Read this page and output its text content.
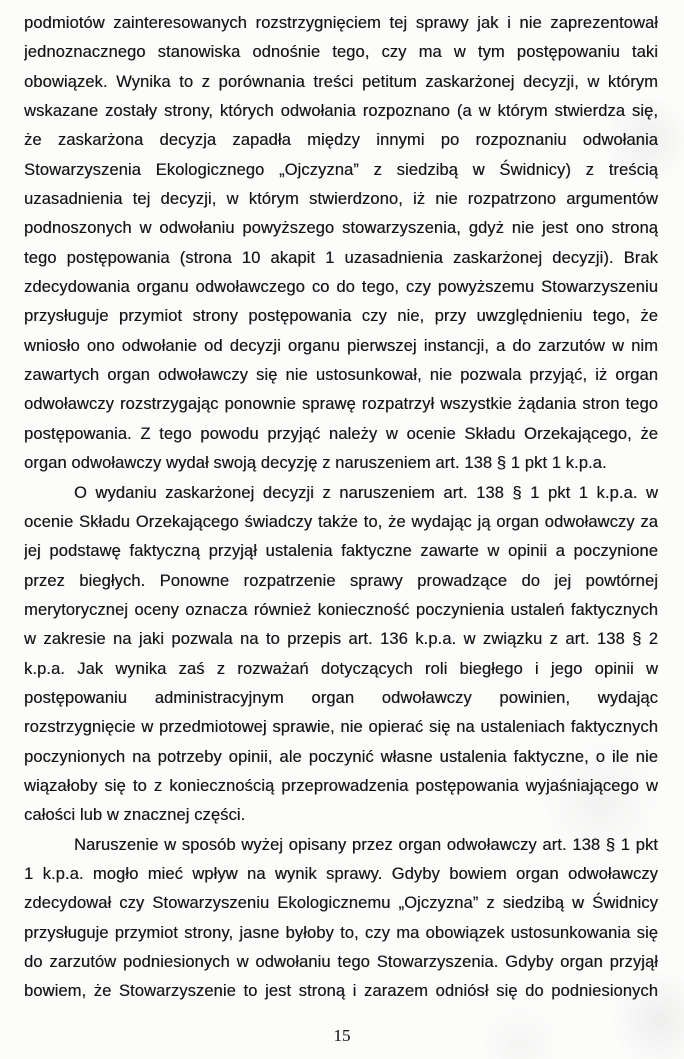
podmiotów zainteresowanych rozstrzygnięciem tej sprawy jak i nie zaprezentował
jednoznacznego stanowiska odnośnie tego, czy ma w tym postępowaniu taki
obowiązek. Wynika to z porównania treści petitum zaskarżonej decyzji, w którym
wskazane zostały strony, których odwołania rozpoznano (a w którym stwierdza się,
że zaskarżona decyzja zapadła między innymi po rozpoznaniu odwołania
Stowarzyszenia Ekologicznego „Ojczyzna” z siedzibą w Świdnicy) z treścią
uzasadnienia tej decyzji, w którym stwierdzono, iż nie rozpatrzono argumentów
podnoszonych w odwołaniu powyższego stowarzyszenia, gdyż nie jest ono stroną
tego postępowania (strona 10 akapit 1 uzasadnienia zaskarżonej decyzji). Brak
zdecydowania organu odwoławczego co do tego, czy powyższemu Stowarzyszeniu
przysługuje przymiot strony postępowania czy nie, przy uwzględnieniu tego, że
wniosło ono odwołanie od decyzji organu pierwszej instancji, a do zarzutów w nim
zawartych organ odwoławczy się nie ustosunkował, nie pozwala przyjąć, iż organ
odwoławczy rozstrzygając ponownie sprawę rozpatrzył wszystkie żądania stron tego
postępowania. Z tego powodu przyjąć należy w ocenie Składu Orzekającego, że
organ odwoławczy wydał swoją decyzję z naruszeniem art. 138 § 1 pkt 1 k.p.a.
O wydaniu zaskarżonej decyzji z naruszeniem art. 138 § 1 pkt 1 k.p.a. w
ocenie Składu Orzekającego świadczy także to, że wydając ją organ odwoławczy za
jej podstawę faktyczną przyjął ustalenia faktyczne zawarte w opinii a poczynione
przez biegłych. Ponowne rozpatrzenie sprawy prowadzące do jej powtórnej
merytorycznej oceny oznacza również konieczność poczynienia ustaleń faktycznych
w zakresie na jaki pozwala na to przepis art. 136 k.p.a. w związku z art. 138 § 2
k.p.a. Jak wynika zaś z rozważań dotyczących roli biegłego i jego opinii w
postępowaniu administracyjnym organ odwoławczy powinien, wydając
rozstrzygnięcie w przedmiotowej sprawie, nie opierać się na ustaleniach faktycznych
poczynionych na potrzeby opinii, ale poczynić własne ustalenia faktyczne, o ile nie
wiązałoby się to z koniecznością przeprowadzenia postępowania wyjaśniającego w
całości lub w znacznej części.
Naruszenie w sposób wyżej opisany przez organ odwoławczy art. 138 § 1 pkt
1 k.p.a. mogło mieć wpływ na wynik sprawy. Gdyby bowiem organ odwoławczy
zdecydował czy Stowarzyszeniu Ekologicznemu „Ojczyzna” z siedzibą w Świdnicy
przysługuje przymiot strony, jasne byłoby to, czy ma obowiązek ustosunkowania się
do zarzutów podniesionych w odwołaniu tego Stowarzyszenia. Gdyby organ przyjął
bowiem, że Stowarzyszenie to jest stroną i zarazem odniósł się do podniesionych
15
